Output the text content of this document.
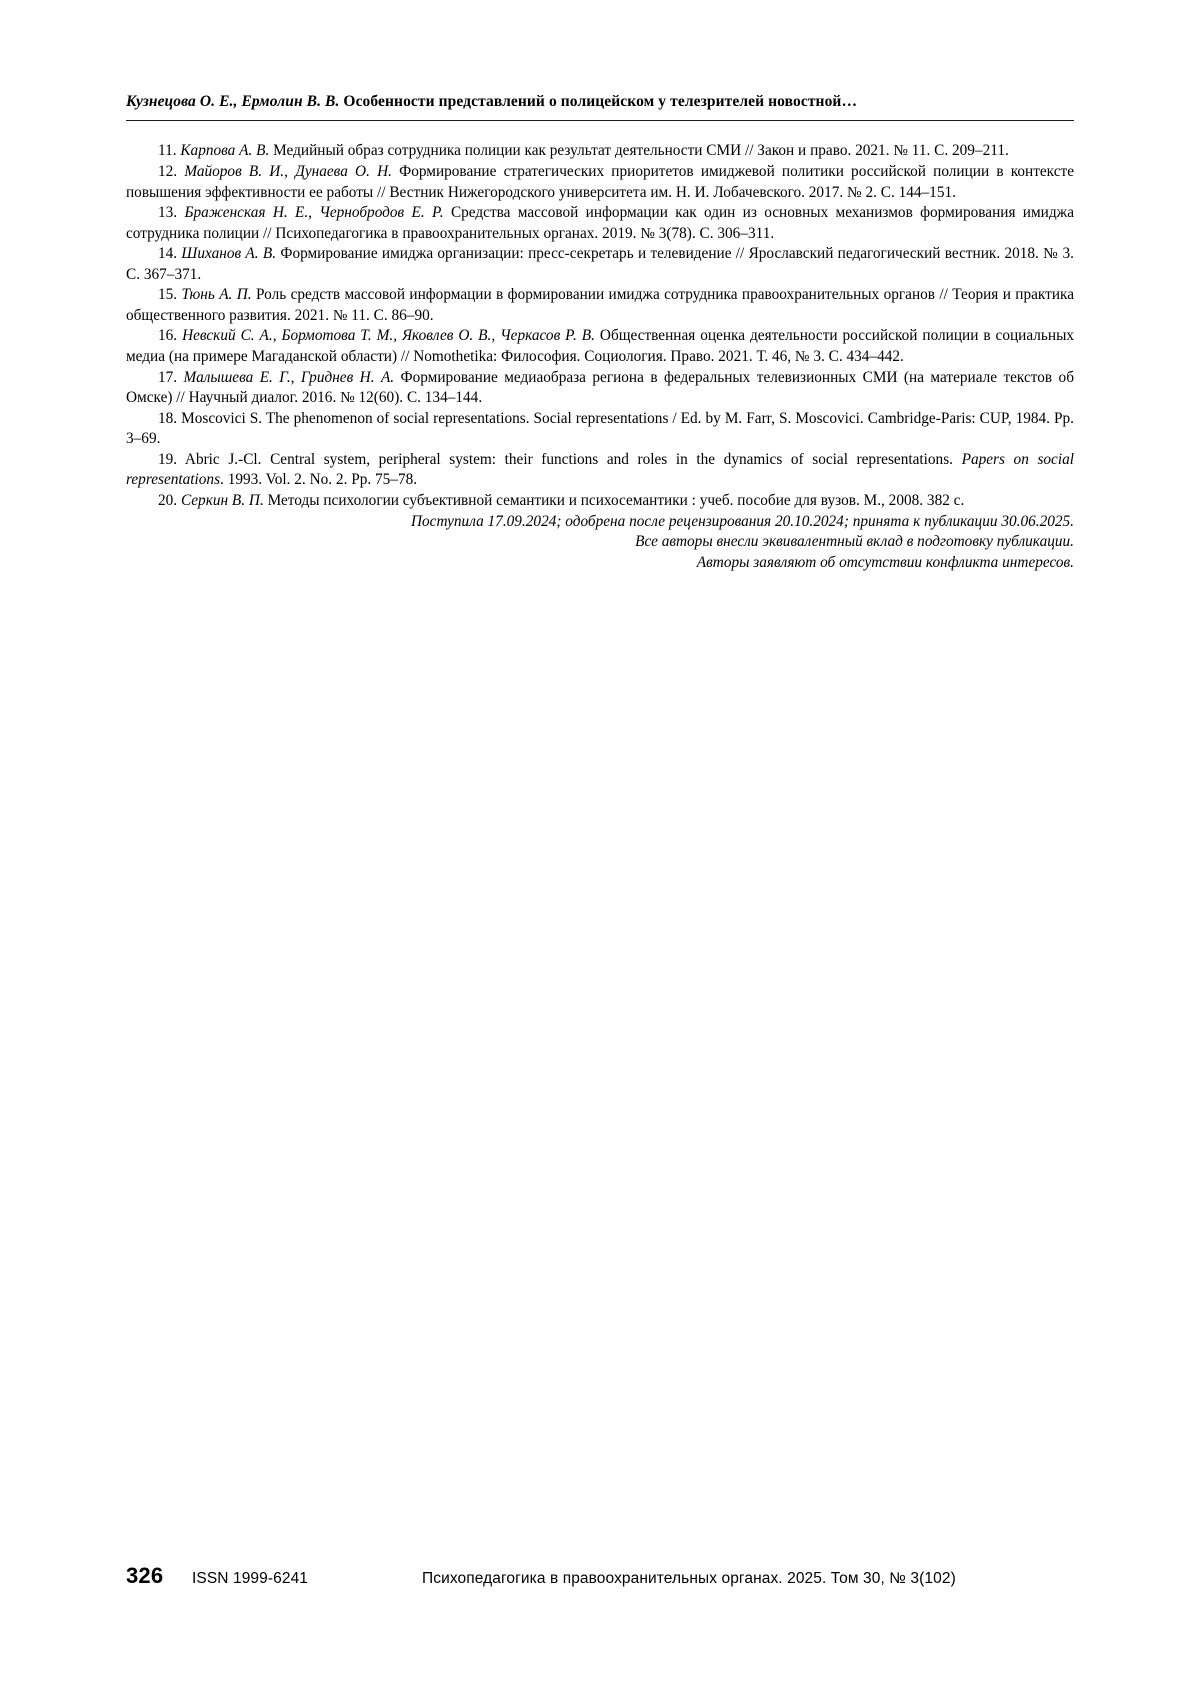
Кузнецова О. Е., Ермолин В. В. Особенности представлений о полицейском у телезрителей новостной…

11. Карпова А. В. Медийный образ сотрудника полиции как результат деятельности СМИ // Закон и право. 2021. № 11. С. 209–211.

12. Майоров В. И., Дунаева О. Н. Формирование стратегических приоритетов имиджевой политики российской полиции в контексте повышения эффективности ее работы // Вестник Нижегородского университета им. Н. И. Лобачевского. 2017. № 2. С. 144–151.

13. Браженская Н. Е., Чернобродов Е. Р. Средства массовой информации как один из основных механизмов формирования имиджа сотрудника полиции // Психопедагогика в правоохранительных органах. 2019. № 3(78). С. 306–311.

14. Шиханов А. В. Формирование имиджа организации: пресс-секретарь и телевидение // Ярославский педагогический вестник. 2018. № 3. С. 367–371.

15. Тюнь А. П. Роль средств массовой информации в формировании имиджа сотрудника правоохранительных органов // Теория и практика общественного развития. 2021. № 11. С. 86–90.

16. Невский С. А., Бормотова Т. М., Яковлев О. В., Черкасов Р. В. Общественная оценка деятельности российской полиции в социальных медиа (на примере Магаданской области) // Nomothetika: Философия. Социология. Право. 2021. Т. 46, № 3. С. 434–442.

17. Малышева Е. Г., Гриднев Н. А. Формирование медиаобраза региона в федеральных телевизионных СМИ (на материале текстов об Омске) // Научный диалог. 2016. № 12(60). С. 134–144.

18. Moscovici S. The phenomenon of social representations. Social representations / Ed. by M. Farr, S. Moscovici. Cambridge-Paris: CUP, 1984. Pp. 3–69.

19. Abric J.-Cl. Central system, peripheral system: their functions and roles in the dynamics of social representations. Papers on social representations. 1993. Vol. 2. No. 2. Pp. 75–78.

20. Серкин В. П. Методы психологии субъективной семантики и психосемантики : учеб. пособие для вузов. М., 2008. 382 с.

Поступила 17.09.2024; одобрена после рецензирования 20.10.2024; принята к публикации 30.06.2025.
Все авторы внесли эквивалентный вклад в подготовку публикации.
Авторы заявляют об отсутствии конфликта интересов.
326	ISSN 1999-6241	Психопедагогика в правоохранительных органах. 2025. Том 30, № 3(102)
